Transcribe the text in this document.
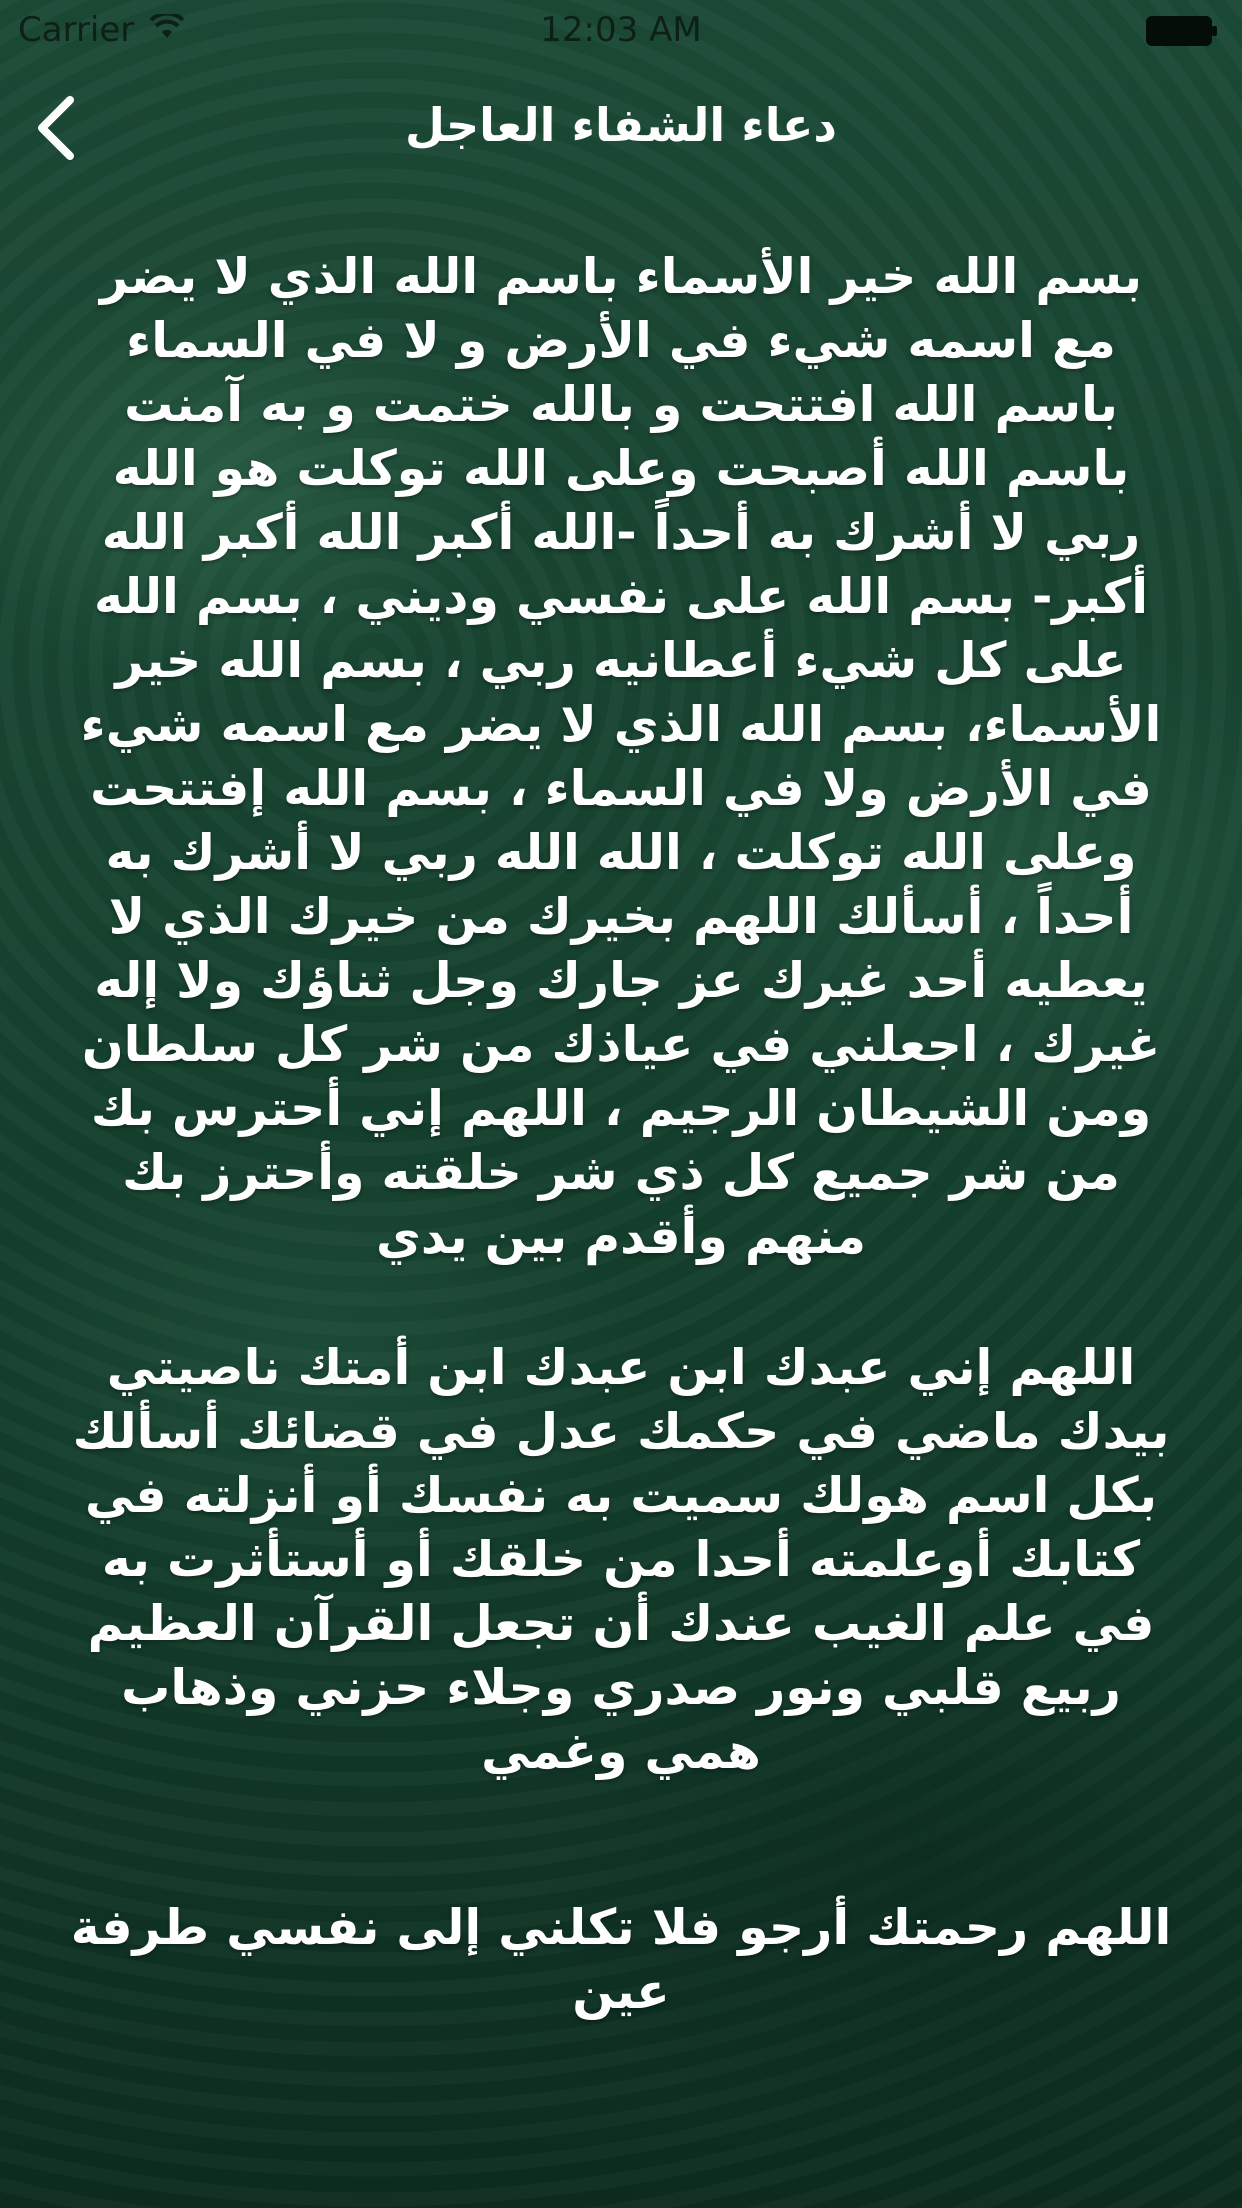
Carrier	12:03 AM
دعاء الشفاء العاجل
بسم الله خير الأسماء باسم الله الذي لا يضر مع اسمه شيء في الأرض و لا في السماء باسم الله افتتحت و بالله ختمت و به آمنت باسم الله أصبحت وعلى الله توكلت هو الله ربي لا أشرك به أحداً -الله أكبر الله أكبر الله أكبر- بسم الله على نفسي وديني ، بسم الله على كل شيء أعطانيه ربي ، بسم الله خير الأسماء، بسم الله الذي لا يضر مع اسمه شيء في الأرض ولا في السماء ، بسم الله إفتتحت وعلى الله توكلت ، الله الله ربي لا أشرك به أحداً ، أسألك اللهم بخيرك من خيرك الذي لا يعطيه أحد غيرك عز جارك وجل ثناؤك ولا إله غيرك ، اجعلني في عياذك من شر كل سلطان ومن الشيطان الرجيم ، اللهم إني أحترس بك من شر جميع كل ذي شر خلقته وأحترز بك منهم وأقدم بين يدي
اللهم إني عبدك ابن عبدك ابن أمتك ناصيتي بيدك ماضي في حكمك عدل في قضائك أسألك بكل اسم هولك سميت به نفسك أو أنزلته في كتابك أوعلمته أحدا من خلقك أو أستأثرت به في علم الغيب عندك أن تجعل القرآن العظيم ربيع قلبي ونور صدري وجلاء حزني وذهاب همي وغمي
اللهم رحمتك أرجو فلا تكلني إلى نفسي طرفة عين
